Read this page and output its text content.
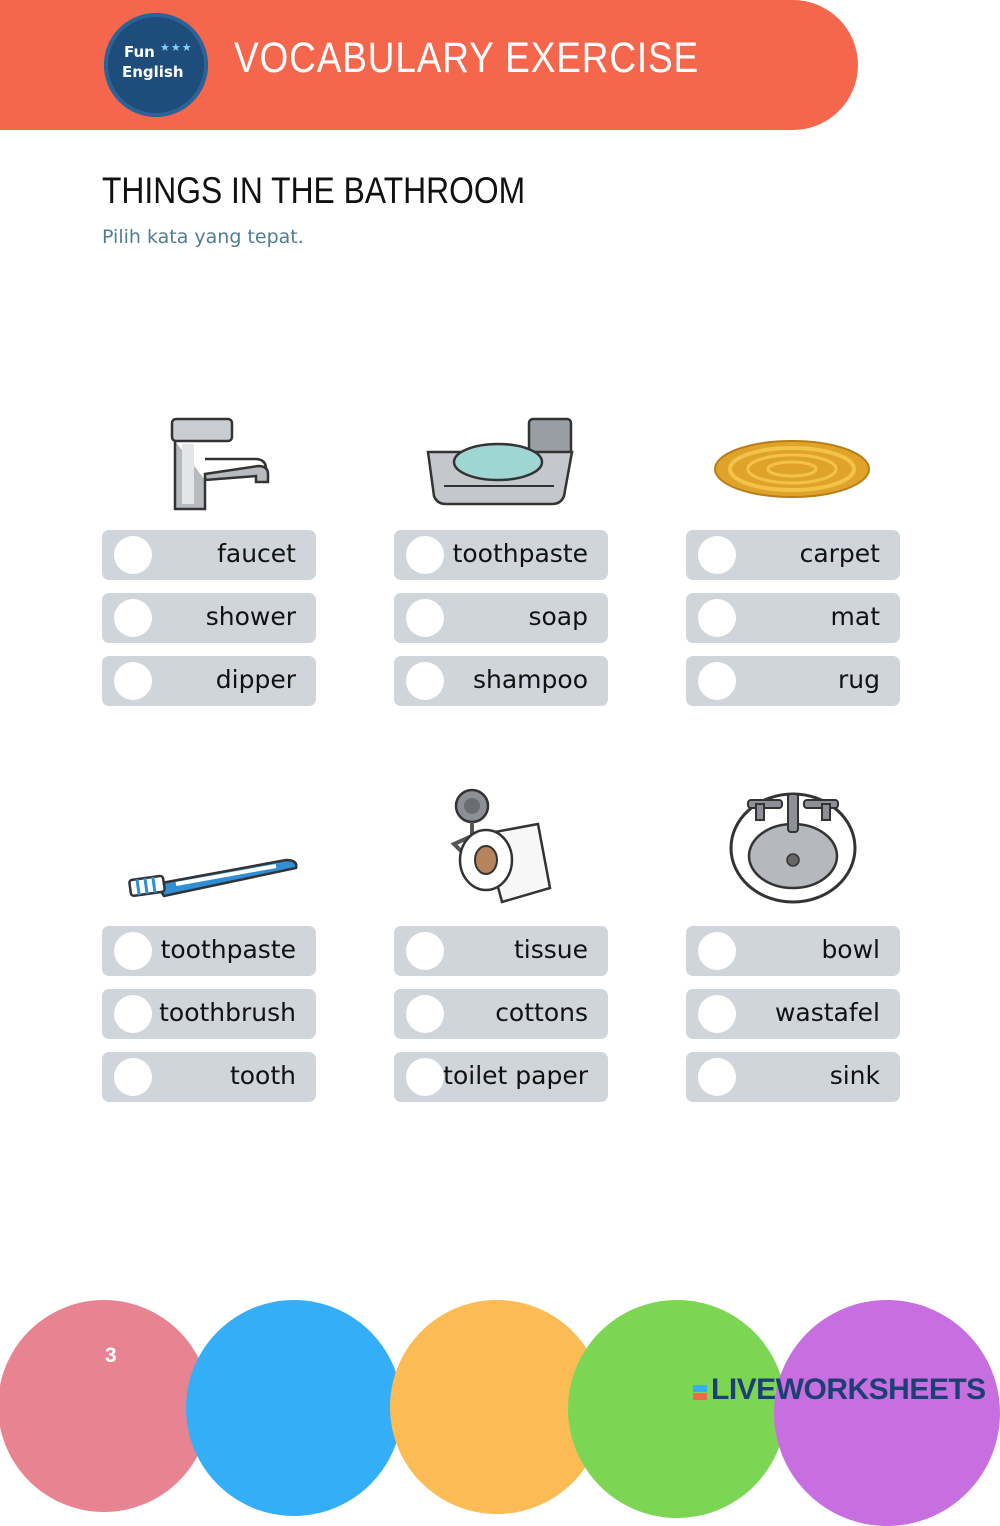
Fun ★★★
English VOCABULARY EXERCISE
THINGS IN THE BATHROOM
Pilih kata yang tepat.
faucet
shower
dipper
toothpaste
soap
shampoo
carpet
mat
rug
toothpaste
toothbrush
tooth
tissue
cottons
toilet paper
bowl
wastafel
sink
3
LIVEWORKSHEETS
